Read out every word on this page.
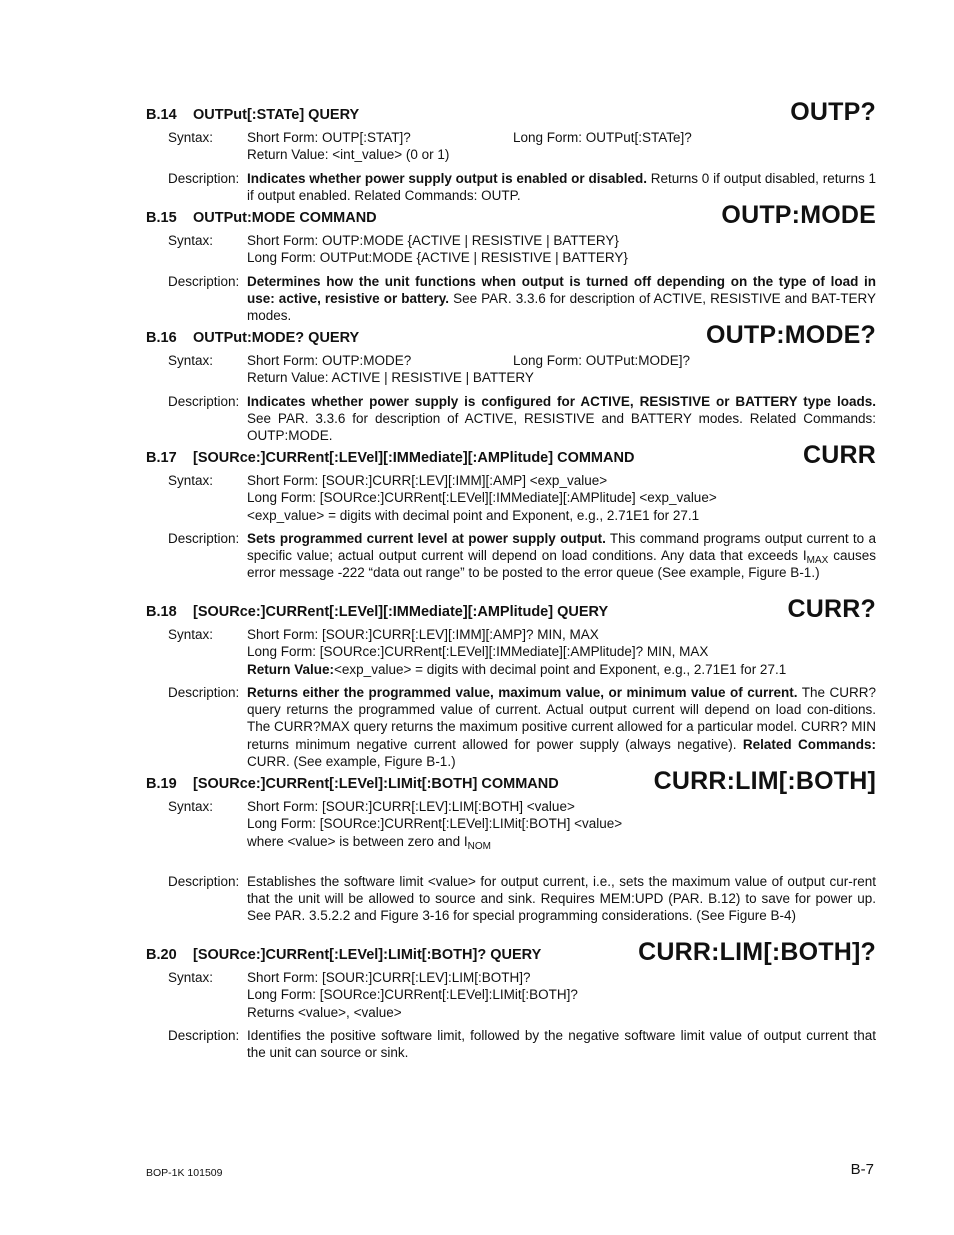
B.14 OUTPut[:STATe] QUERY	OUTP?
Syntax:	Short Form: OUTP[:STAT]?	Long Form: OUTPut[:STATe]?
Return Value: <int_value> (0 or 1)
Description: Indicates whether power supply output is enabled or disabled. Returns 0 if output disabled, returns 1 if output enabled. Related Commands: OUTP.
B.15 OUTPut:MODE COMMAND	OUTP:MODE
Syntax:	Short Form: OUTP:MODE {ACTIVE | RESISTIVE | BATTERY}
Long Form: OUTPut:MODE {ACTIVE | RESISTIVE | BATTERY}
Description: Determines how the unit functions when output is turned off depending on the type of load in use: active, resistive or battery. See PAR. 3.3.6 for description of ACTIVE, RESISTIVE and BAT-TERY modes.
B.16 OUTPut:MODE? QUERY	OUTP:MODE?
Syntax:	Short Form: OUTP:MODE?	Long Form: OUTPut:MODE]?
Return Value: ACTIVE | RESISTIVE | BATTERY
Description: Indicates whether power supply is configured for ACTIVE, RESISTIVE or BATTERY type loads. See PAR. 3.3.6 for description of ACTIVE, RESISTIVE and BATTERY modes. Related Commands: OUTP:MODE.
B.17 [SOURce:]CURRent[:LEVel][:IMMediate][:AMPlitude] COMMAND	CURR
Syntax:	Short Form: [SOUR:]CURR[:LEV][:IMM][:AMP] <exp_value>
Long Form: [SOURce:]CURRent[:LEVel][:IMMediate][:AMPlitude] <exp_value>
<exp_value> = digits with decimal point and Exponent, e.g., 2.71E1 for 27.1
Description: Sets programmed current level at power supply output. This command programs output current to a specific value; actual output current will depend on load conditions. Any data that exceeds $I_{MAX}$ causes error message -222 “data out range” to be posted to the error queue (See example, Figure B-1.)
B.18 [SOURce:]CURRent[:LEVel][:IMMediate][:AMPlitude] QUERY	CURR?
Syntax:	Short Form: [SOUR:]CURR[:LEV][:IMM][:AMP]? MIN, MAX
Long Form: [SOURce:]CURRent[:LEVel][:IMMediate][:AMPlitude]? MIN, MAX
Return Value:<exp_value> = digits with decimal point and Exponent, e.g., 2.71E1 for 27.1
Description: Returns either the programmed value, maximum value, or minimum value of current. The CURR? query returns the programmed value of current. Actual output current will depend on load con-ditions. The CURR?MAX query returns the maximum positive current allowed for a particular model. CURR? MIN returns minimum negative current allowed for power supply (always negative). Related Commands: CURR. (See example, Figure B-1.)
B.19 [SOURce:]CURRent[:LEVel]:LIMit[:BOTH] COMMAND	CURR:LIM[:BOTH]
Syntax:	Short Form: [SOUR:]CURR[:LEV]:LIM[:BOTH] <value>
Long Form: [SOURce:]CURRent[:LEVel]:LIMit[:BOTH] <value>
where <value> is between zero and $I_{NOM}$
Description: Establishes the software limit <value> for output current, i.e., sets the maximum value of output cur-rent that the unit will be allowed to source and sink. Requires MEM:UPD (PAR. B.12) to save for power up. See PAR. 3.5.2.2 and Figure 3-16 for special programming considerations. (See Figure B-4)
B.20 [SOURce:]CURRent[:LEVel]:LIMit[:BOTH]? QUERY	CURR:LIM[:BOTH]?
Syntax:	Short Form: [SOUR:]CURR[:LEV]:LIM[:BOTH]?
Long Form: [SOURce:]CURRent[:LEVel]:LIMit[:BOTH]?
Returns <value>, <value>
Description: Identifies the positive software limit, followed by the negative software limit value of output current that the unit can source or sink.
BOP-1K 101509	B-7
